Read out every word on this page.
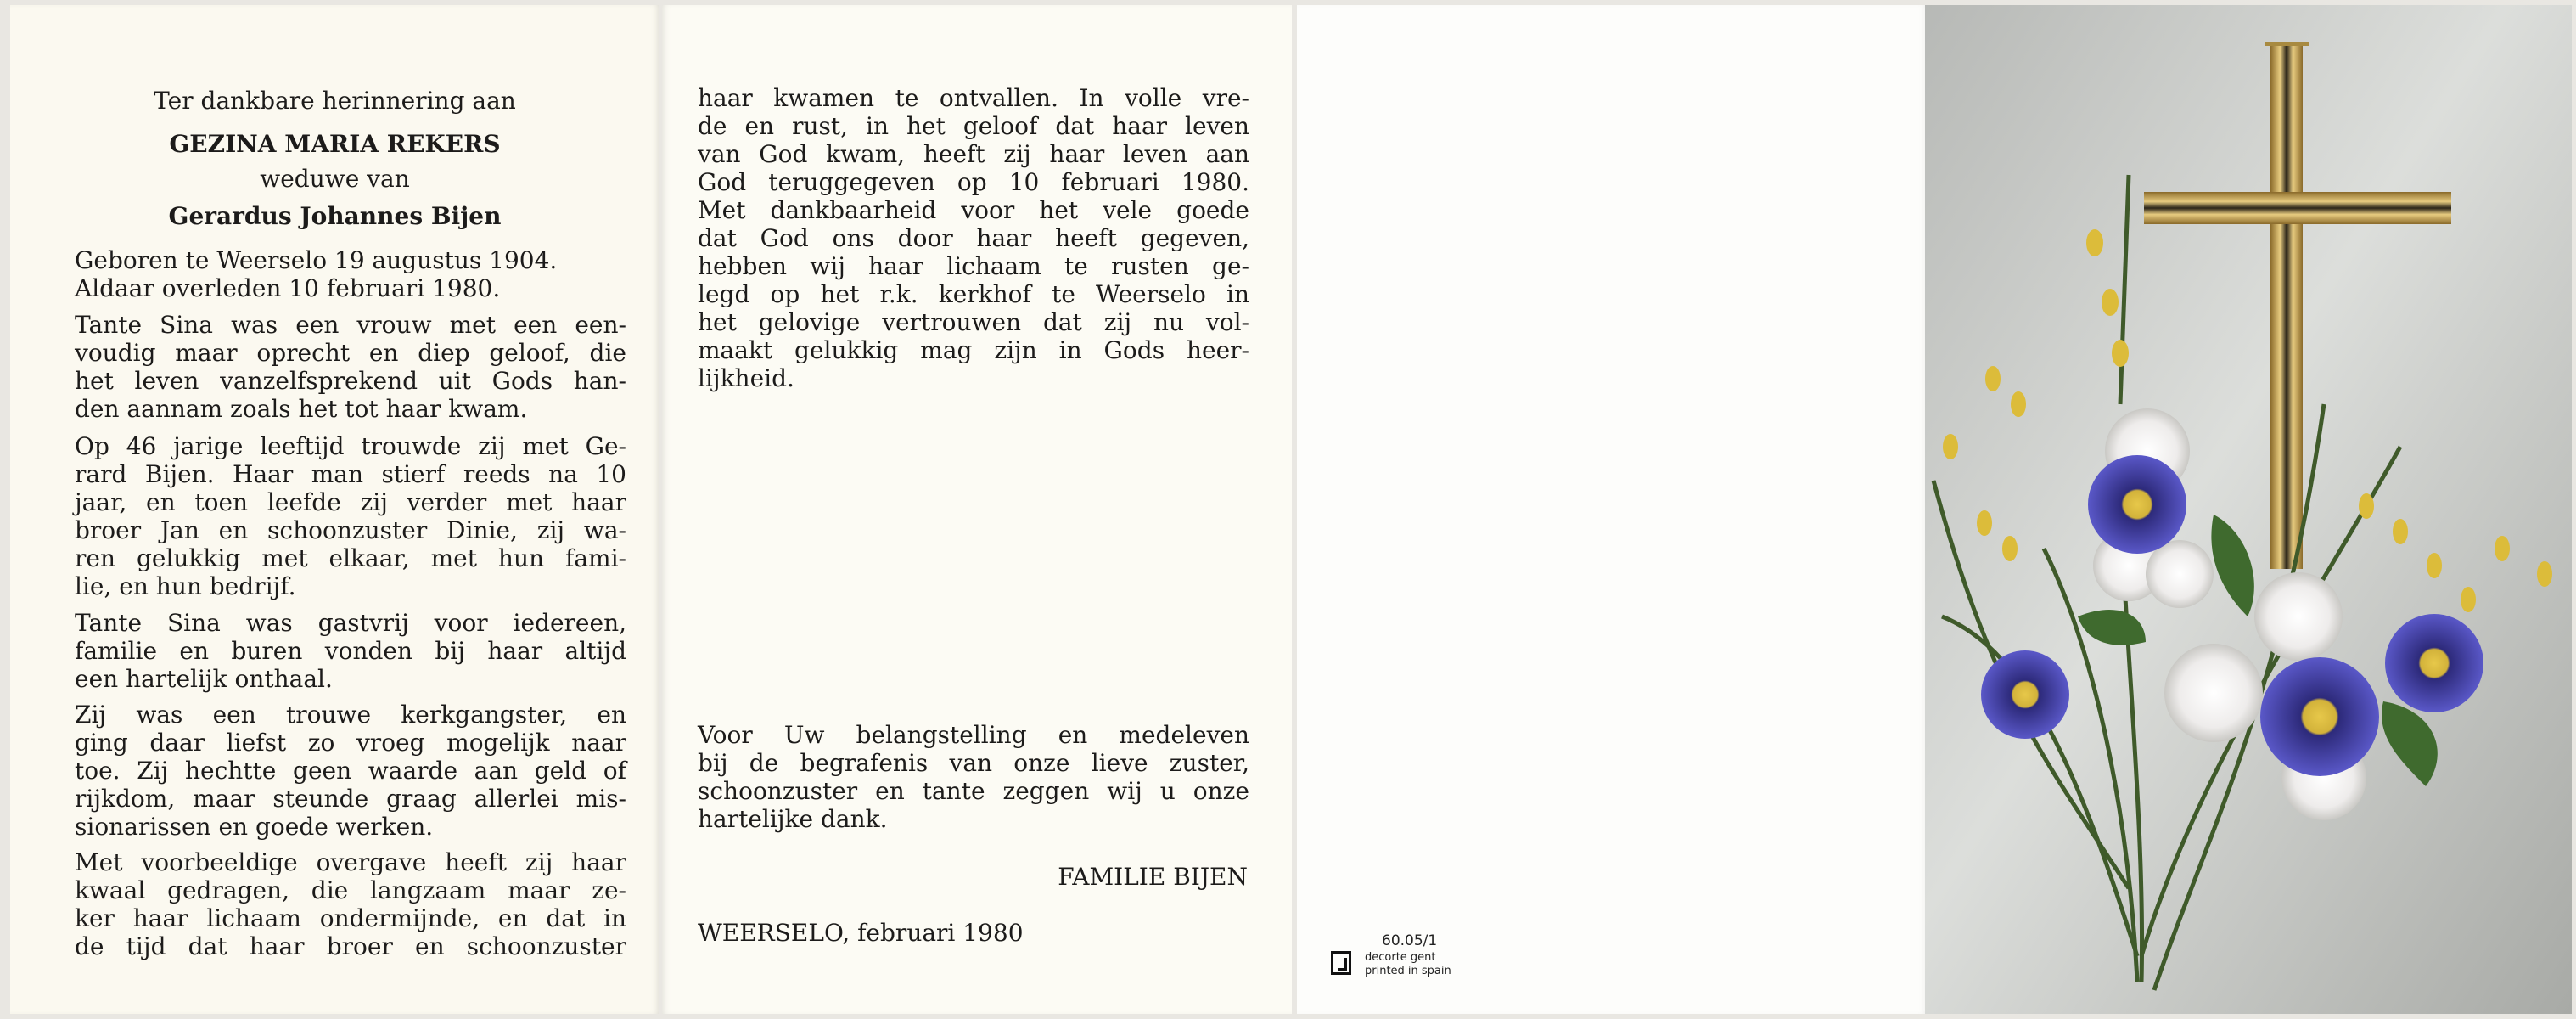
Ter dankbare herinnering aan
GEZINA MARIA REKERS
weduwe van
Gerardus Johannes Bijen
Geboren te Weerselo 19 augustus 1904.
Aldaar overleden 10 februari 1980.
Tante Sina was een vrouw met een een-
voudig maar oprecht en diep geloof, die
het leven vanzelfsprekend uit Gods han-
den aannam zoals het tot haar kwam.
Op 46 jarige leeftijd trouwde zij met Ge-
rard Bijen. Haar man stierf reeds na 10
jaar, en toen leefde zij verder met haar
broer Jan en schoonzuster Dinie, zij wa-
ren gelukkig met elkaar, met hun fami-
lie, en hun bedrijf.
Tante Sina was gastvrij voor iedereen,
familie en buren vonden bij haar altijd
een hartelijk onthaal.
Zij was een trouwe kerkgangster, en
ging daar liefst zo vroeg mogelijk naar
toe. Zij hechtte geen waarde aan geld of
rijkdom, maar steunde graag allerlei mis-
sionarissen en goede werken.
Met voorbeeldige overgave heeft zij haar
kwaal gedragen, die langzaam maar ze-
ker haar lichaam ondermijnde, en dat in
de tijd dat haar broer en schoonzuster
haar kwamen te ontvallen. In volle vre-
de en rust, in het geloof dat haar leven
van God kwam, heeft zij haar leven aan
God teruggegeven op 10 februari 1980.
Met dankbaarheid voor het vele goede
dat God ons door haar heeft gegeven,
hebben wij haar lichaam te rusten ge-
legd op het r.k. kerkhof te Weerselo in
het gelovige vertrouwen dat zij nu vol-
maakt gelukkig mag zijn in Gods heer-
lijkheid.
Voor Uw belangstelling en medeleven
bij de begrafenis van onze lieve zuster,
schoonzuster en tante zeggen wij u onze
hartelijke dank.
FAMILIE BIJEN
WEERSELO, februari 1980	60.05/1
decorte gent
printed in spain
